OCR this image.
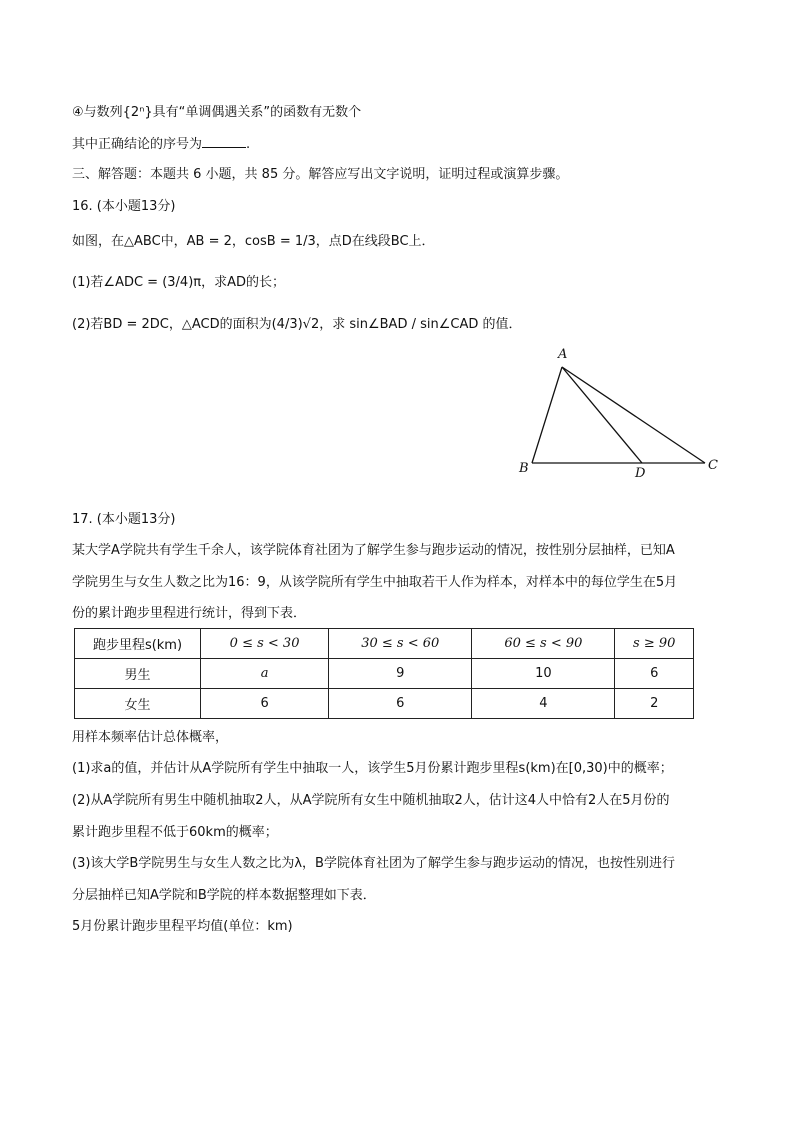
④与数列{2ⁿ}具有“单调偶遇关系”的函数有无数个
其中正确结论的序号为	.
三、解答题：本题共 6 小题，共 85 分。解答应写出文字说明，证明过程或演算步骤。
16. (本小题13分)
如图，在△ABC中，AB = 2，cosB = 1/3，点D在线段BC上．
(1)若∠ADC = (3/4)π，求AD的长；
(2)若BD = 2DC，△ACD的面积为(4/3)√2，求 sin∠BAD / sin∠CAD 的值．
A
B	D
C
17. (本小题13分)
某大学A学院共有学生千余人，该学院体育社团为了解学生参与跑步运动的情况，按性别分层抽样，已知A
学院男生与女生人数之比为16：9，从该学院所有学生中抽取若干人作为样本，对样本中的每位学生在5月
份的累计跑步里程进行统计，得到下表．
跑步里程s(km)	0 ≤ s < 30	30 ≤ s < 60	60 ≤ s < 90	s ≥ 90
男生	a	9	10	6
女生	6	6	4	2
用样本频率估计总体概率，
(1)求a的值，并估计从A学院所有学生中抽取一人，该学生5月份累计跑步里程s(km)在[0,30)中的概率；
(2)从A学院所有男生中随机抽取2人，从A学院所有女生中随机抽取2人，估计这4人中恰有2人在5月份的
累计跑步里程不低于60km的概率；
(3)该大学B学院男生与女生人数之比为λ，B学院体育社团为了解学生参与跑步运动的情况，也按性别进行
分层抽样已知A学院和B学院的样本数据整理如下表．
5月份累计跑步里程平均值(单位：km)
